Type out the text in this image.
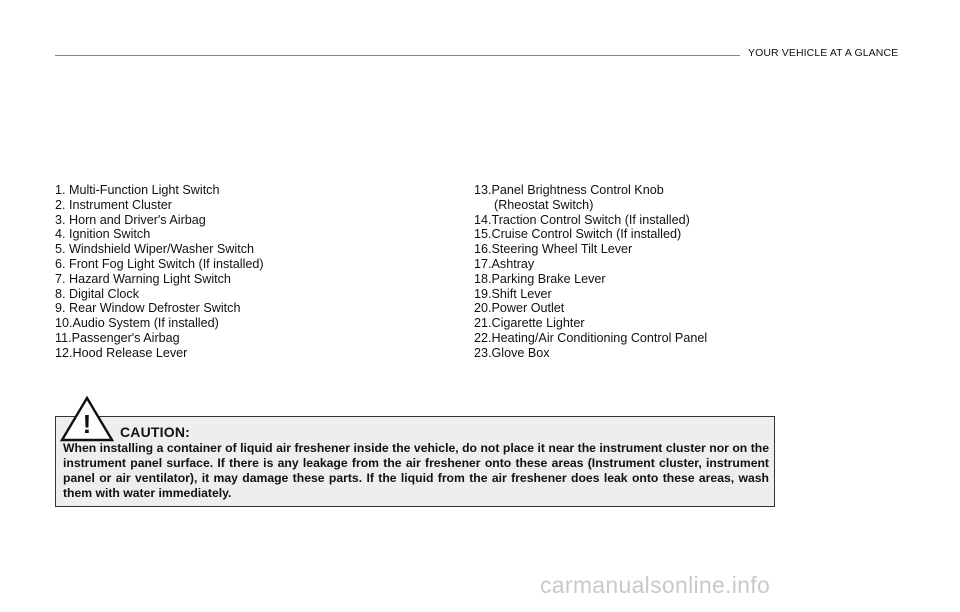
YOUR VEHICLE AT A GLANCE
1. Multi-Function Light Switch
2. Instrument Cluster
3. Horn and Driver's Airbag
4. Ignition Switch
5. Windshield Wiper/Washer Switch
6. Front Fog Light Switch (If installed)
7. Hazard Warning Light Switch
8. Digital Clock
9. Rear Window Defroster Switch
10.Audio System (If installed)
11.Passenger's Airbag
12.Hood Release Lever
13.Panel Brightness Control Knob
(Rheostat Switch)
14.Traction Control Switch (If installed)
15.Cruise Control Switch (If installed)
16.Steering Wheel Tilt Lever
17.Ashtray
18.Parking Brake Lever
19.Shift Lever
20.Power Outlet
21.Cigarette Lighter
22.Heating/Air Conditioning Control Panel
23.Glove Box
! CAUTION:

When installing a container of liquid air freshener inside the vehicle, do not place it near the instrument cluster nor on the instrument panel surface. If there is any leakage from the air freshener onto these areas (Instrument cluster, instrument panel or air ventilator), it may damage these parts. If the liquid from the air freshener does leak onto these areas, wash them with water immediately.

carmanualsonline.info
